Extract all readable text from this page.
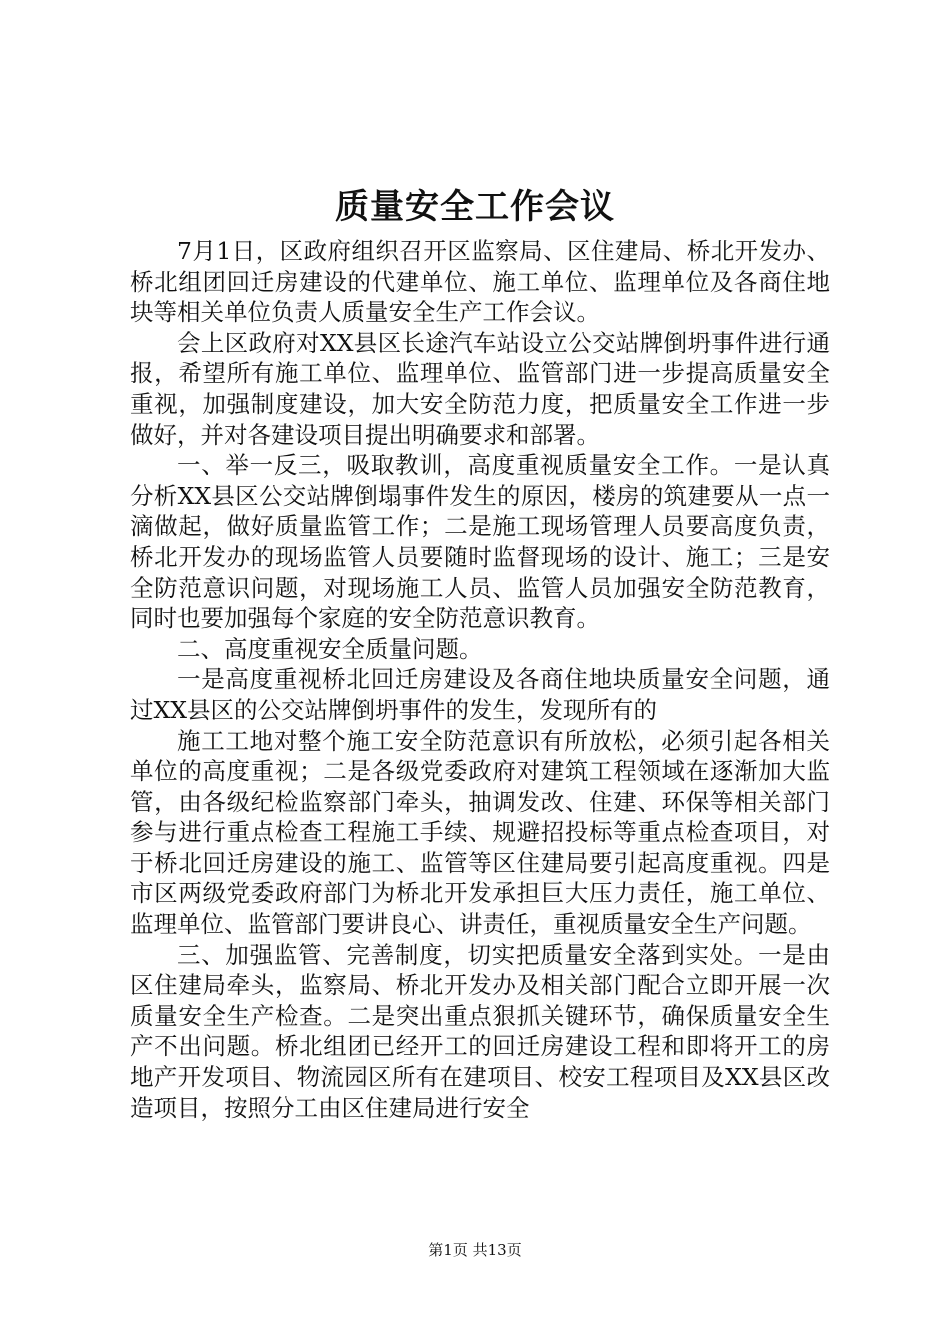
质量安全工作会议

7月1日，区政府组织召开区监察局、区住建局、桥北开发办、桥北组团回迁房建设的代建单位、施工单位、监理单位及各商住地块等相关单位负责人质量安全生产工作会议。

会上区政府对XX县区长途汽车站设立公交站牌倒坍事件进行通报，希望所有施工单位、监理单位、监管部门进一步提高质量安全重视，加强制度建设，加大安全防范力度，把质量安全工作进一步做好，并对各建设项目提出明确要求和部署。

一、举一反三，吸取教训，高度重视质量安全工作。一是认真分析XX县区公交站牌倒塌事件发生的原因，楼房的筑建要从一点一滴做起，做好质量监管工作；二是施工现场管理人员要高度负责，桥北开发办的现场监管人员要随时监督现场的设计、施工；三是安全防范意识问题，对现场施工人员、监管人员加强安全防范教育，同时也要加强每个家庭的安全防范意识教育。

二、高度重视安全质量问题。

一是高度重视桥北回迁房建设及各商住地块质量安全问题，通过XX县区的公交站牌倒坍事件的发生，发现所有的

施工工地对整个施工安全防范意识有所放松，必须引起各相关单位的高度重视；二是各级党委政府对建筑工程领域在逐渐加大监管，由各级纪检监察部门牵头，抽调发改、住建、环保等相关部门参与进行重点检查工程施工手续、规避招投标等重点检查项目，对于桥北回迁房建设的施工、监管等区住建局要引起高度重视。四是市区两级党委政府部门为桥北开发承担巨大压力责任，施工单位、监理单位、监管部门要讲良心、讲责任，重视质量安全生产问题。

三、加强监管、完善制度，切实把质量安全落到实处。一是由区住建局牵头，监察局、桥北开发办及相关部门配合立即开展一次质量安全生产检查。二是突出重点狠抓关键环节，确保质量安全生产不出问题。桥北组团已经开工的回迁房建设工程和即将开工的房地产开发项目、物流园区所有在建项目、校安工程项目及XX县区改造项目，按照分工由区住建局进行安全

第1页 共13页
